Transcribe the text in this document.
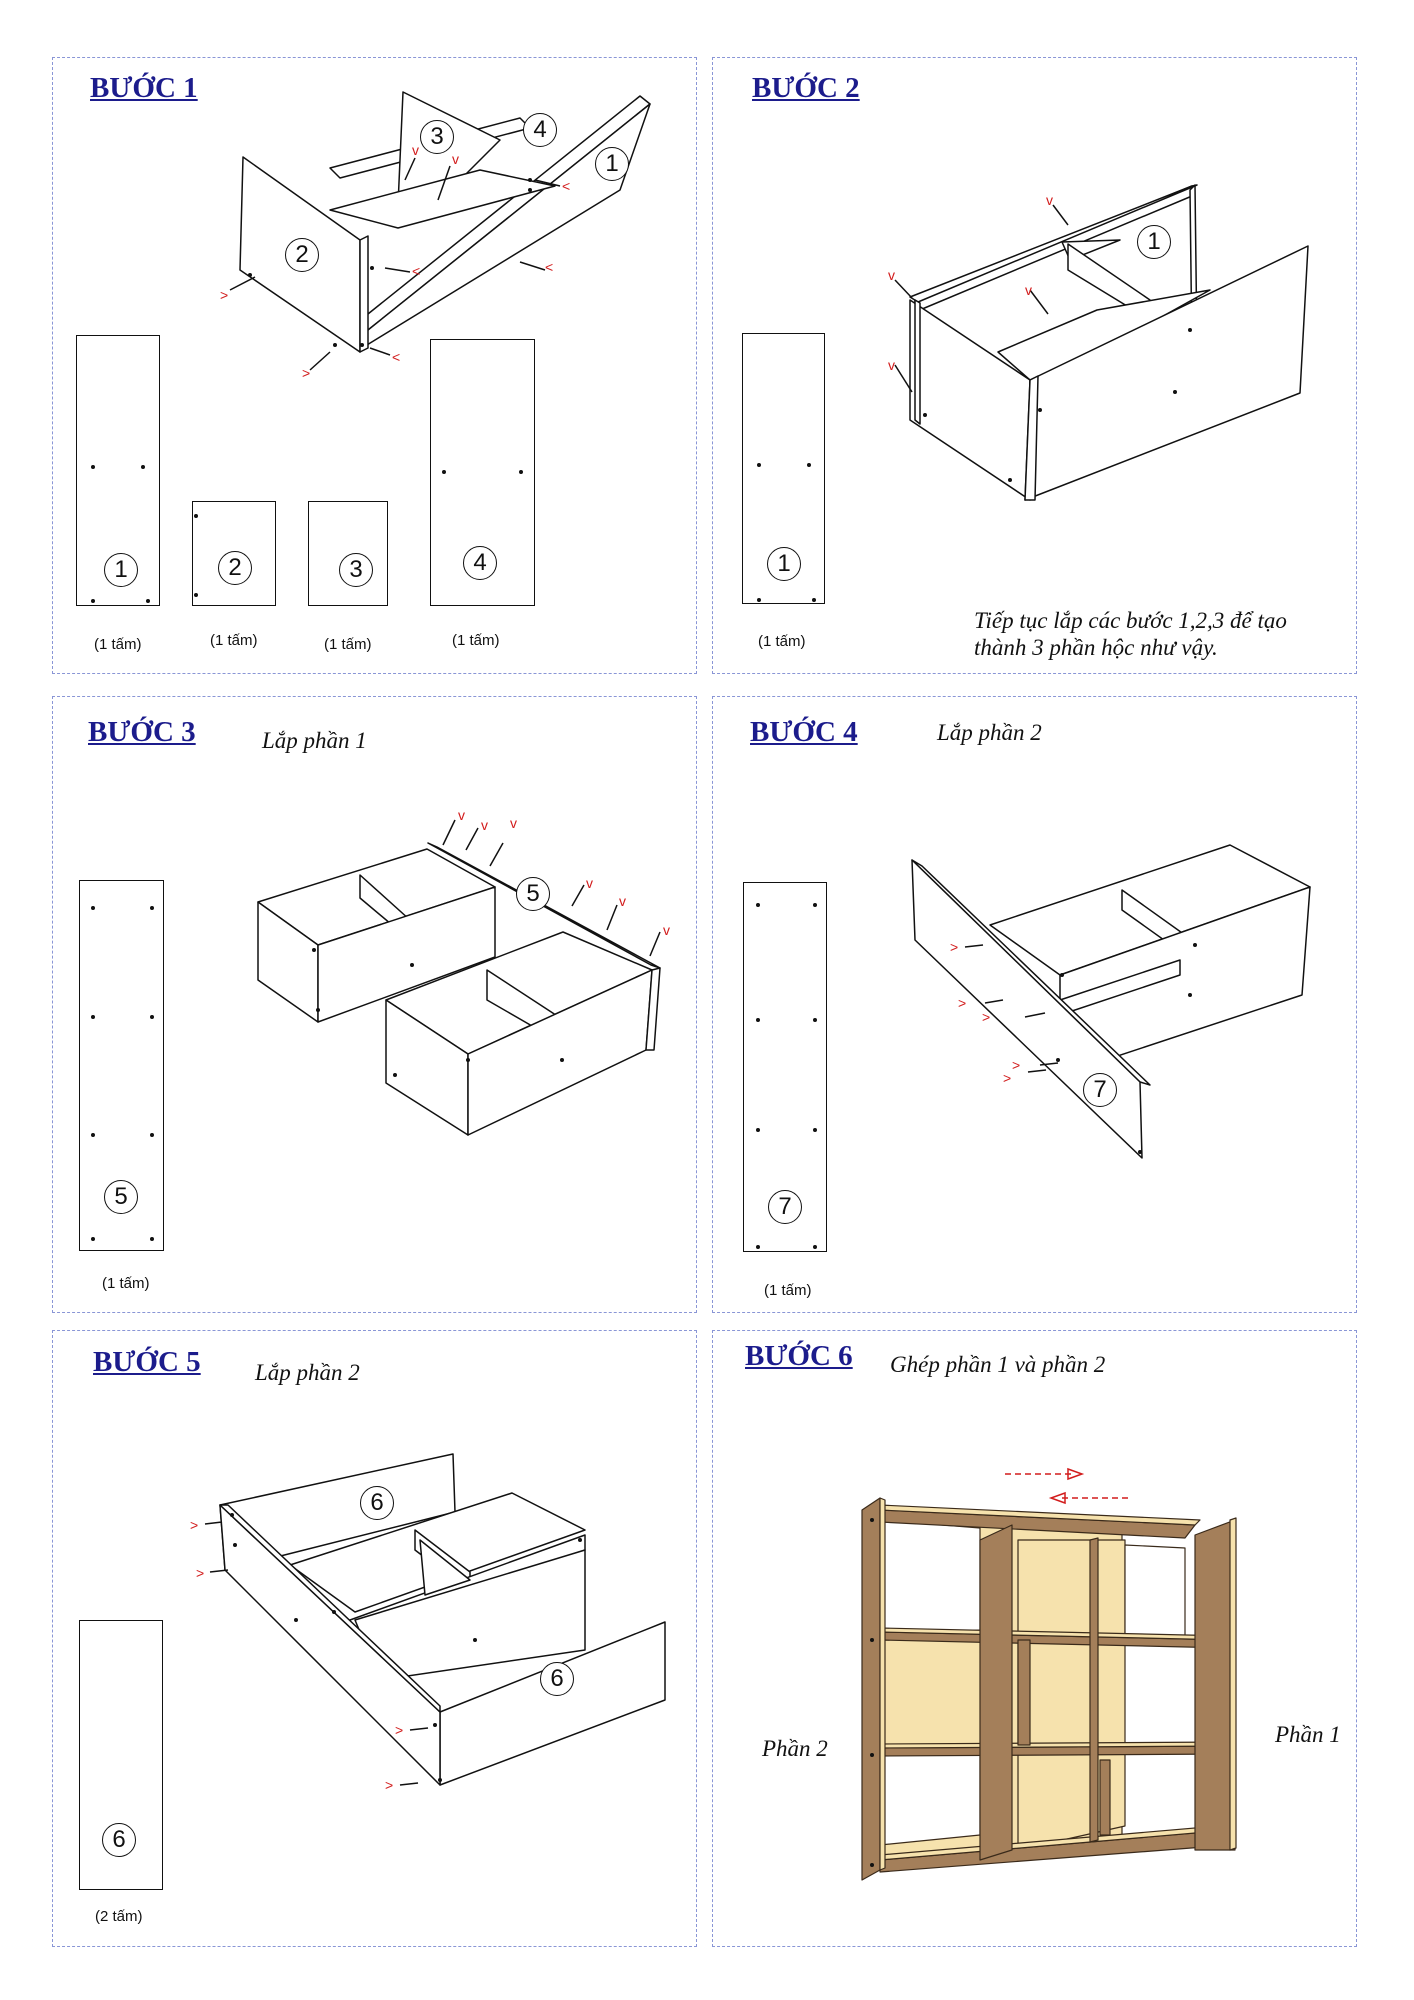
BƯỚC 1
v
v
<
<	<
>
>
<
1
2
3	4
1	2	3	4
(1 tấm)	(1 tấm)	(1 tấm)	(1 tấm)
BƯỚC 2
v
v
v
v
1
1
(1 tấm)
Tiếp tục lắp các bước 1,2,3 để tạo
thành 3 phần hộc như vậy.
BƯỚC 3	Lắp phần 1
v
v v
v
v
v
5
5
(1 tấm)
BƯỚC 4	Lắp phần 2
>
>
>
>
>	7
7
(1 tấm)
BƯỚC 5 Lắp phần 2
>
>
>
>
6
6
6
(2 tấm)
BƯỚC 6 Ghép phần 1 và phần 2
Phần 2
Phần 1
